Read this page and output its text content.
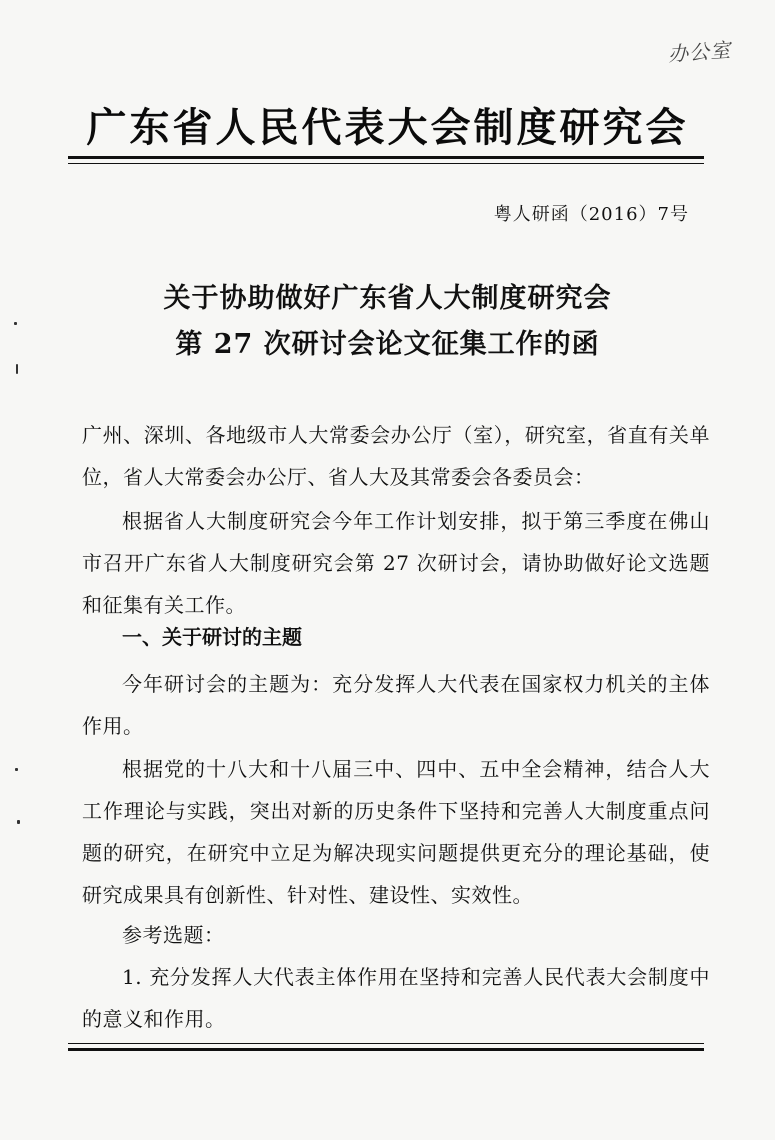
办公室
广东省人民代表大会制度研究会
粤人研函（2016）7号
关于协助做好广东省人大制度研究会
第 27 次研讨会论文征集工作的函
广州、深圳、各地级市人大常委会办公厅（室），研究室，省直有关单位，省人大常委会办公厅、省人大及其常委会各委员会：
根据省人大制度研究会今年工作计划安排，拟于第三季度在佛山市召开广东省人大制度研究会第 27 次研讨会，请协助做好论文选题和征集有关工作。
一、关于研讨的主题
今年研讨会的主题为：充分发挥人大代表在国家权力机关的主体作用。
根据党的十八大和十八届三中、四中、五中全会精神，结合人大工作理论与实践，突出对新的历史条件下坚持和完善人大制度重点问题的研究，在研究中立足为解决现实问题提供更充分的理论基础，使研究成果具有创新性、针对性、建设性、实效性。
参考选题：
1. 充分发挥人大代表主体作用在坚持和完善人民代表大会制度中的意义和作用。
